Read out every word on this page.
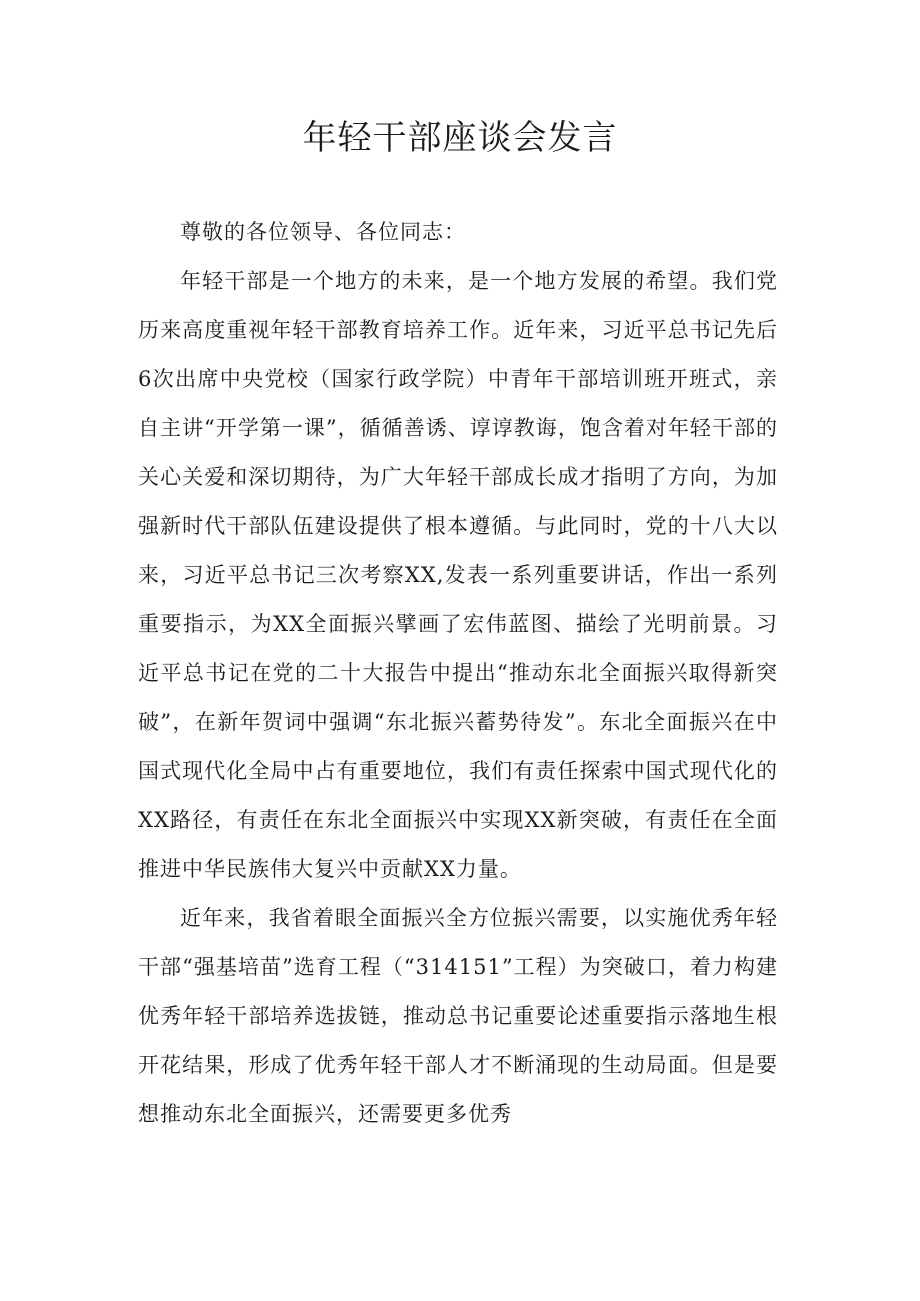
年轻干部座谈会发言

尊敬的各位领导、各位同志：

年轻干部是一个地方的未来，是一个地方发展的希望。我们党历来高度重视年轻干部教育培养工作。近年来，习近平总书记先后6次出席中央党校（国家行政学院）中青年干部培训班开班式，亲自主讲“开学第一课”，循循善诱、谆谆教诲，饱含着对年轻干部的关心关爱和深切期待，为广大年轻干部成长成才指明了方向，为加强新时代干部队伍建设提供了根本遵循。与此同时，党的十八大以来，习近平总书记三次考察XX,发表一系列重要讲话，作出一系列重要指示，为XX全面振兴擘画了宏伟蓝图、描绘了光明前景。习近平总书记在党的二十大报告中提出“推动东北全面振兴取得新突破”，在新年贺词中强调“东北振兴蓄势待发”。东北全面振兴在中国式现代化全局中占有重要地位，我们有责任探索中国式现代化的XX路径，有责任在东北全面振兴中实现XX新突破，有责任在全面推进中华民族伟大复兴中贡献XX力量。

近年来，我省着眼全面振兴全方位振兴需要，以实施优秀年轻干部“强基培苗”选育工程（“314151”工程）为突破口，着力构建优秀年轻干部培养选拔链，推动总书记重要论述重要指示落地生根开花结果，形成了优秀年轻干部人才不断涌现的生动局面。但是要想推动东北全面振兴，还需要更多优秀
